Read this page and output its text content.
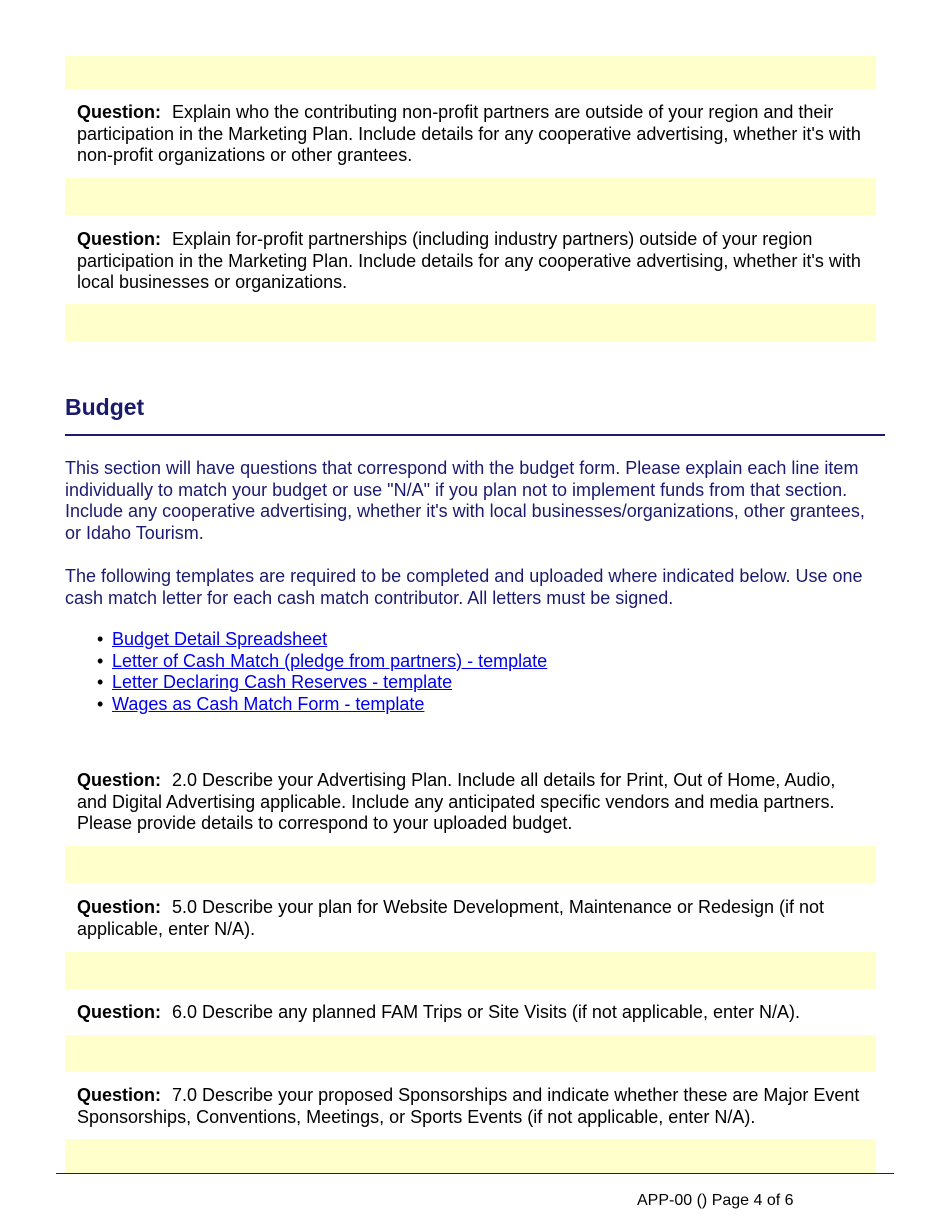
Question: Explain who the contributing non-profit partners are outside of your region and their participation in the Marketing Plan. Include details for any cooperative advertising, whether it's with non-profit organizations or other grantees.
Question: Explain for-profit partnerships (including industry partners) outside of your region participation in the Marketing Plan. Include details for any cooperative advertising, whether it's with local businesses or organizations.
Budget

This section will have questions that correspond with the budget form. Please explain each line item individually to match your budget or use "N/A" if you plan not to implement funds from that section. Include any cooperative advertising, whether it's with local businesses/organizations, other grantees, or Idaho Tourism.

The following templates are required to be completed and uploaded where indicated below. Use one cash match letter for each cash match contributor. All letters must be signed.

• Budget Detail Spreadsheet
• Letter of Cash Match (pledge from partners) - template
• Letter Declaring Cash Reserves - template
• Wages as Cash Match Form - template
Question: 2.0 Describe your Advertising Plan. Include all details for Print, Out of Home, Audio, and Digital Advertising applicable. Include any anticipated specific vendors and media partners. Please provide details to correspond to your uploaded budget.
Question: 5.0 Describe your plan for Website Development, Maintenance or Redesign (if not applicable, enter N/A).
Question: 6.0 Describe any planned FAM Trips or Site Visits (if not applicable, enter N/A).
Question: 7.0 Describe your proposed Sponsorships and indicate whether these are Major Event Sponsorships, Conventions, Meetings, or Sports Events (if not applicable, enter N/A).
APP-00 () Page 4 of 6
